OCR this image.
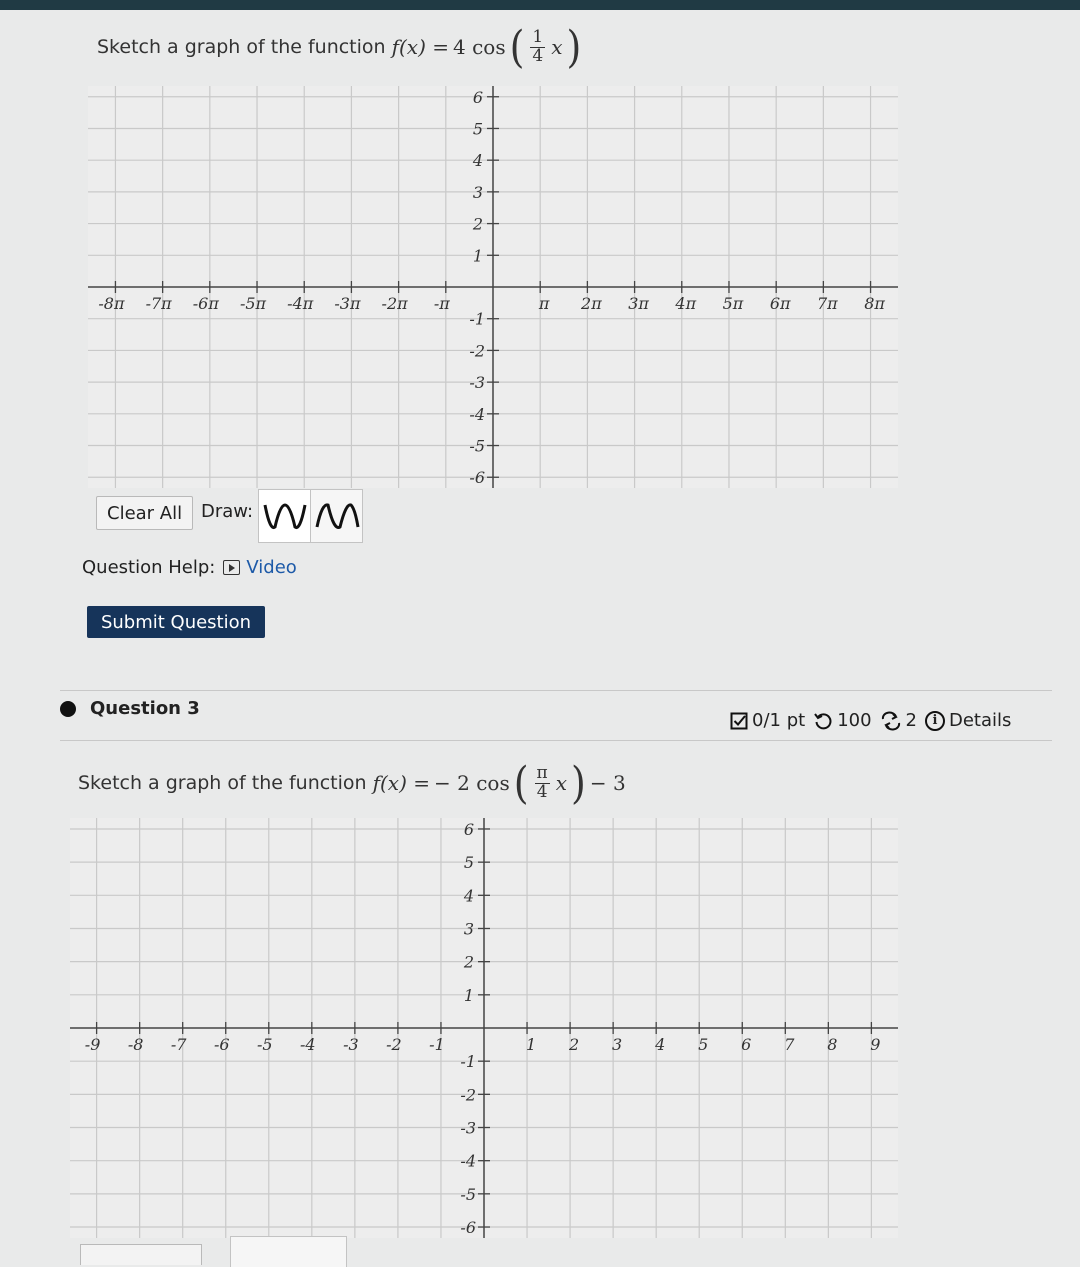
Sketch a graph of the function f(x) = 4 cos ( $\frac{1}{4}$ x )
-8π -7π -6π -5π -4π -3π -2π -π	π 2π 3π 4π 5π 6π 7π 8π
1
2
3
4
5
6
-1
-2
-3
-4
-5
-6
Clear All	Draw:
Question Help: Video
Submit Question
Question 3
0/1 pt 100 2	i Details
Sketch a graph of the function f(x) = − 2 cos ( $\frac{\pi}{4}$ x ) − 3
-9 -8 -7 -6 -5 -4 -3 -2 -1	1 2 3 4 5 6 7 8 9
1
2
3
4
5
6
-1
-2
-3
-4
-5
-6
